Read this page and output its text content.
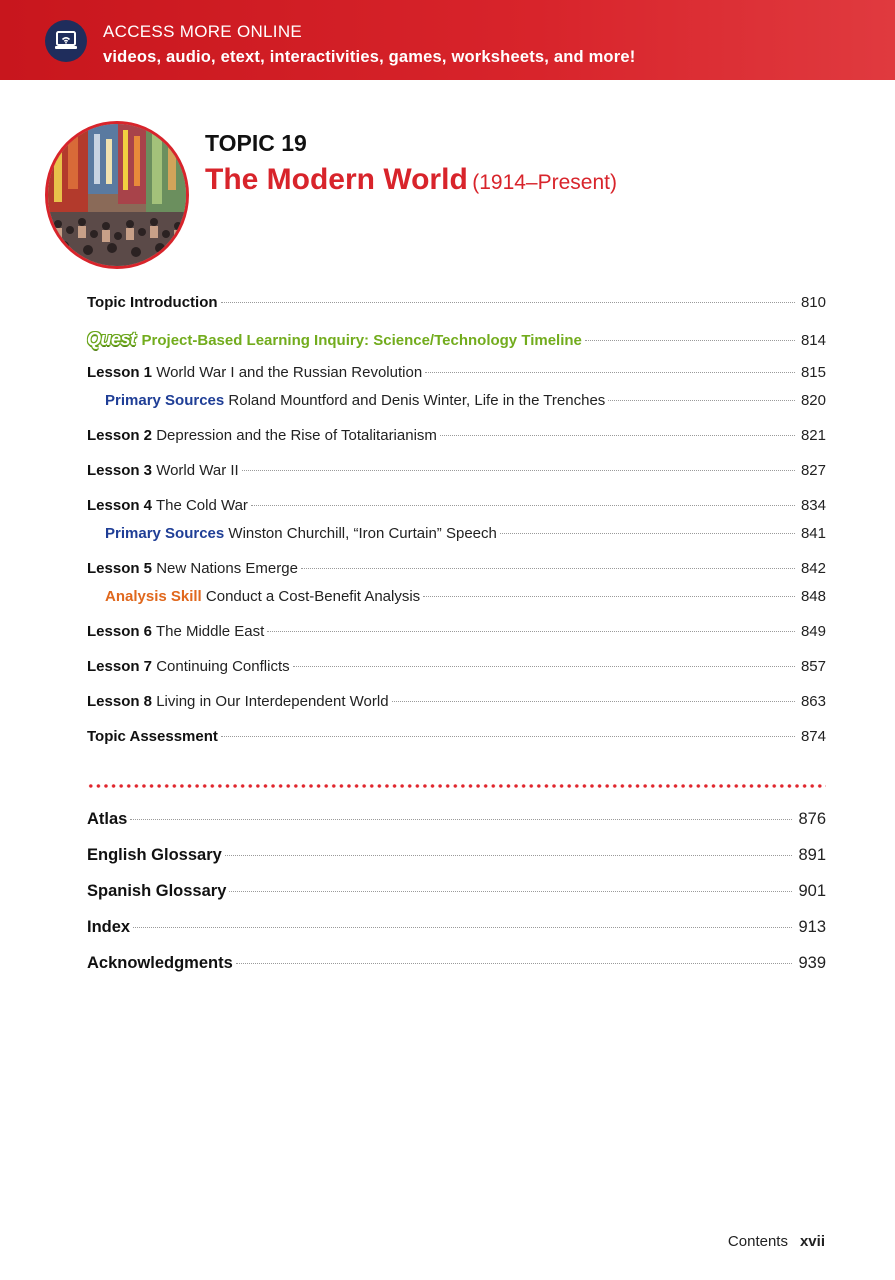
ACCESS MORE ONLINE
videos, audio, etext, interactivities, games, worksheets, and more!
TOPIC 19
The Modern World (1914–Present)
Topic Introduction	810
Quest Project-Based Learning Inquiry: Science/Technology Timeline	814
Lesson 1 World War I and the Russian Revolution	815
Primary Sources Roland Mountford and Denis Winter, Life in the Trenches	820
Lesson 2 Depression and the Rise of Totalitarianism	821
Lesson 3 World War II	827
Lesson 4 The Cold War	834
Primary Sources Winston Churchill, “Iron Curtain” Speech	841
Lesson 5 New Nations Emerge	842
Analysis Skill Conduct a Cost-Benefit Analysis	848
Lesson 6 The Middle East	849
Lesson 7 Continuing Conflicts	857
Lesson 8 Living in Our Interdependent World	863
Topic Assessment	874
Atlas	876
English Glossary	891
Spanish Glossary	901
Index	913
Acknowledgments	939
Contents xvii
